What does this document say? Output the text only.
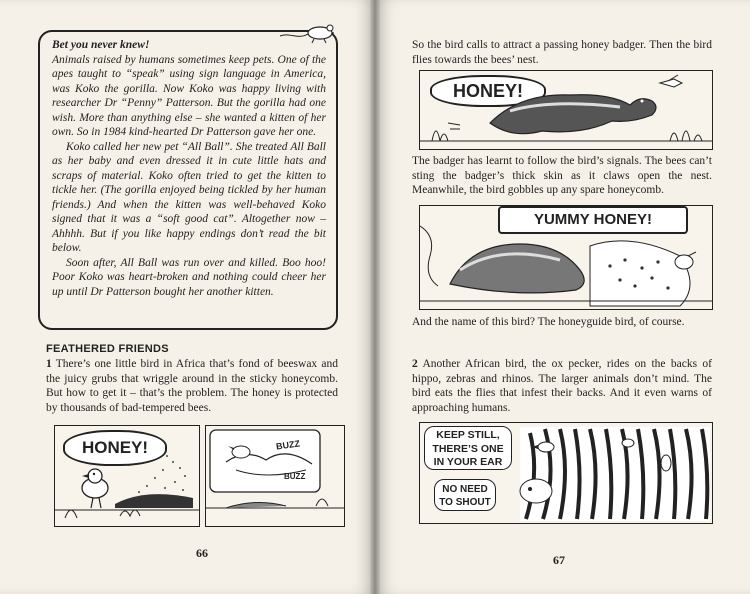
Bet you never knew!

Animals raised by humans sometimes keep pets. One of the apes taught to “speak” using sign language in America, was Koko the gorilla. Now Koko was happy living with researcher Dr “Penny” Patterson. But the gorilla had one wish. More than anything else – she wanted a kitten of her own. So in 1984 kind-hearted Dr Patterson gave her one.

Koko called her new pet “All Ball”. She treated All Ball as her baby and even dressed it in cute little hats and scraps of material. Koko often tried to get the kitten to tickle her. (The gorilla enjoyed being tickled by her human friends.) And when the kitten was well-behaved Koko signed that it was a “soft good cat”. Altogether now – Ahhhh. But if you like happy endings don’t read the bit below.

Soon after, All Ball was run over and killed. Boo hoo! Poor Koko was heart-broken and nothing could cheer her up until Dr Patterson bought her another kitten.

FEATHERED FRIENDS

1 There’s one little bird in Africa that’s fond of beeswax and the juicy grubs that wriggle around in the sticky honeycomb. But how to get it – that’s the problem. The honey is protected by thousands of bad-tempered bees.

HONEY!	BUZZ
BUZZ
66

So the bird calls to attract a passing honey badger. Then the bird flies towards the bees’ nest.

HONEY!

The badger has learnt to follow the bird’s signals. The bees can’t sting the badger’s thick skin as it claws open the nest. Meanwhile, the bird gobbles up any spare honeycomb.

YUMMY HONEY!

And the name of this bird? The honeyguide bird, of course.

2 Another African bird, the ox pecker, rides on the backs of hippo, zebras and rhinos. The larger animals don’t mind. The bird eats the flies that infest their backs. And it even warns of approaching humans.

KEEP STILL,
THERE’S ONE
IN YOUR EAR
NO NEED
TO SHOUT
67
